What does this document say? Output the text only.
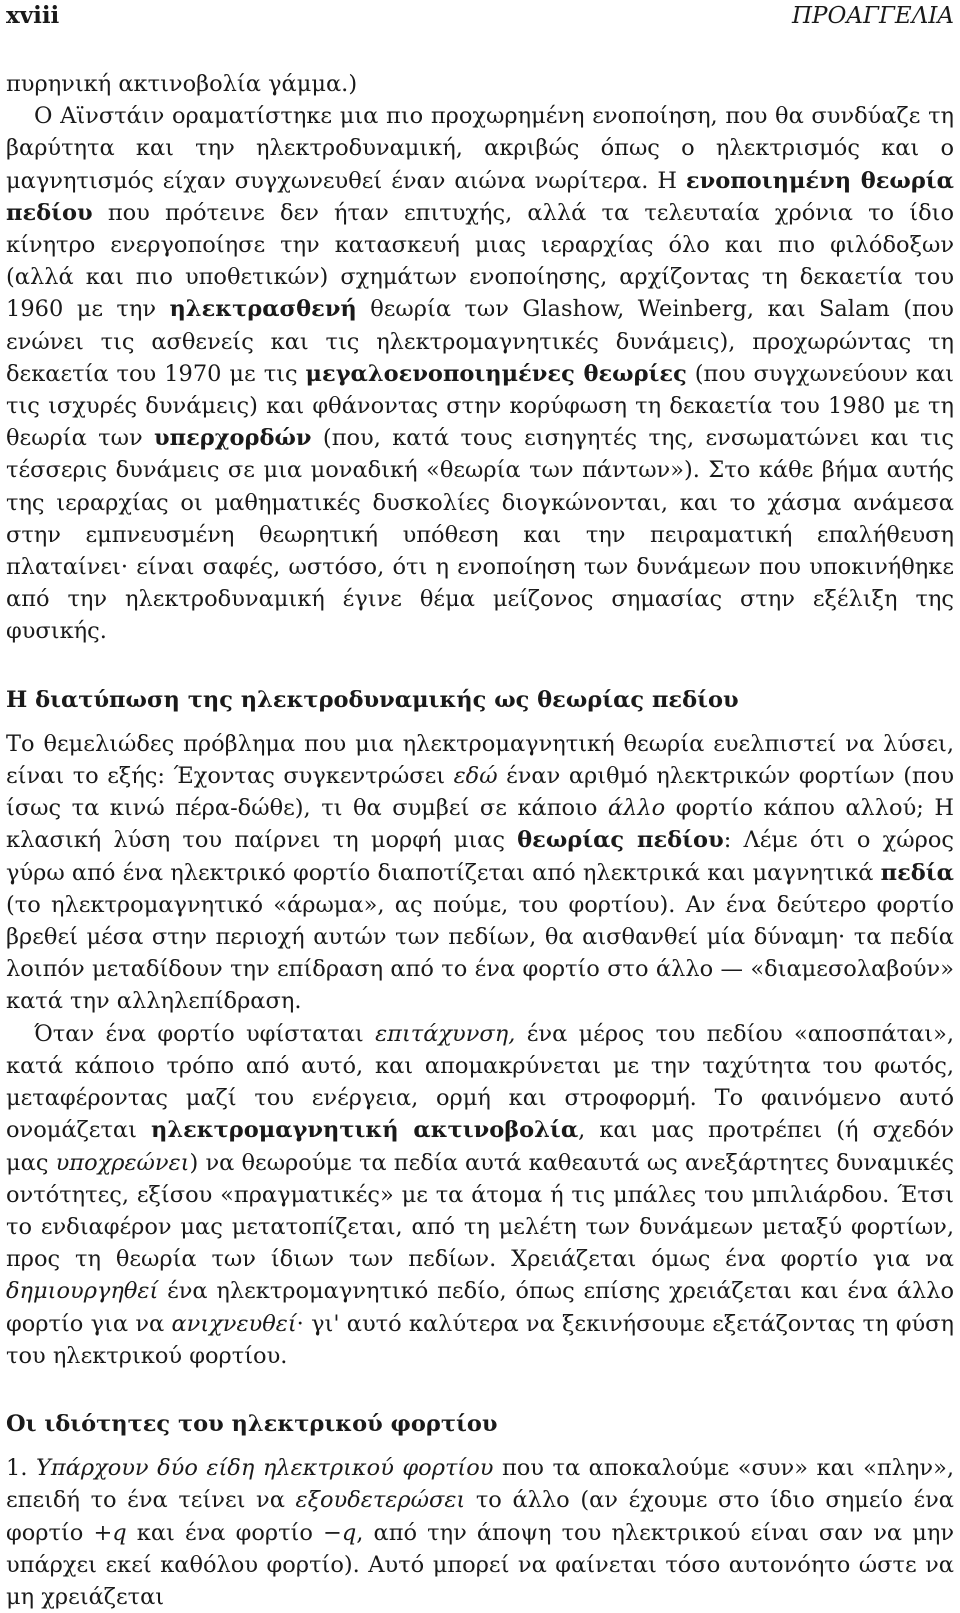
xviii	ΠΡΟΑΓΓΕΛΙΑ

πυρηνική ακτινοβολία γάμμα.)

Ο Αϊνστάιν οραματίστηκε μια πιο προχωρημένη ενοποίηση, που θα συνδύαζε τη βαρύτητα και την ηλεκτροδυναμική, ακριβώς όπως ο ηλεκτρισμός και ο μαγνητισμός είχαν συγχωνευθεί έναν αιώνα νωρίτερα. Η ενοποιημένη θεωρία πεδίου που πρότεινε δεν ήταν επιτυχής, αλλά τα τελευταία χρόνια το ίδιο κίνητρο ενεργοποίησε την κατασκευή μιας ιεραρχίας όλο και πιο φιλόδοξων (αλλά και πιο υποθετικών) σχημάτων ενοποίησης, αρχίζοντας τη δεκαετία του 1960 με την ηλεκτρασθενή θεωρία των Glashow, Weinberg, και Salam (που ενώνει τις ασθενείς και τις ηλεκτρομαγνητικές δυνάμεις), προχωρώντας τη δεκαετία του 1970 με τις μεγαλοενοποιημένες θεωρίες (που συγχωνεύουν και τις ισχυρές δυνάμεις) και φθάνοντας στην κορύφωση τη δεκαετία του 1980 με τη θεωρία των υπερχορδών (που, κατά τους εισηγητές της, ενσωματώνει και τις τέσσερις δυνάμεις σε μια μοναδική «θεωρία των πάντων»). Στο κάθε βήμα αυτής της ιεραρχίας οι μαθηματικές δυσκολίες διογκώνονται, και το χάσμα ανάμεσα στην εμπνευσμένη θεωρητική υπόθεση και την πειραματική επαλήθευση πλαταίνει· είναι σαφές, ωστόσο, ότι η ενοποίηση των δυνάμεων που υποκινήθηκε από την ηλεκτροδυναμική έγινε θέμα μείζονος σημασίας στην εξέλιξη της φυσικής.

Η διατύπωση της ηλεκτροδυναμικής ως θεωρίας πεδίου

Το θεμελιώδες πρόβλημα που μια ηλεκτρομαγνητική θεωρία ευελπιστεί να λύσει, είναι το εξής: Έχοντας συγκεντρώσει εδώ έναν αριθμό ηλεκτρικών φορτίων (που ίσως τα κινώ πέρα-δώθε), τι θα συμβεί σε κάποιο άλλο φορτίο κάπου αλλού; Η κλασική λύση του παίρνει τη μορφή μιας θεωρίας πεδίου: Λέμε ότι ο χώρος γύρω από ένα ηλεκτρικό φορτίο διαποτίζεται από ηλεκτρικά και μαγνητικά πεδία (το ηλεκτρομαγνητικό «άρωμα», ας πούμε, του φορτίου). Αν ένα δεύτερο φορτίο βρεθεί μέσα στην περιοχή αυτών των πεδίων, θα αισθανθεί μία δύναμη· τα πεδία λοιπόν μεταδίδουν την επίδραση από το ένα φορτίο στο άλλο — «διαμεσολαβούν» κατά την αλληλεπίδραση.

Όταν ένα φορτίο υφίσταται επιτάχυνση, ένα μέρος του πεδίου «αποσπάται», κατά κάποιο τρόπο από αυτό, και απομακρύνεται με την ταχύτητα του φωτός, μεταφέροντας μαζί του ενέργεια, ορμή και στροφορμή. Το φαινόμενο αυτό ονομάζεται ηλεκτρομαγνητική ακτινοβολία, και μας προτρέπει (ή σχεδόν μας υποχρεώνει) να θεωρούμε τα πεδία αυτά καθεαυτά ως ανεξάρτητες δυναμικές οντότητες, εξίσου «πραγματικές» με τα άτομα ή τις μπάλες του μπιλιάρδου. Έτσι το ενδιαφέρον μας μετατοπίζεται, από τη μελέτη των δυνάμεων μεταξύ φορτίων, προς τη θεωρία των ίδιων των πεδίων. Χρειάζεται όμως ένα φορτίο για να δημιουργηθεί ένα ηλεκτρομαγνητικό πεδίο, όπως επίσης χρειάζεται και ένα άλλο φορτίο για να ανιχνευθεί· γι' αυτό καλύτερα να ξεκινήσουμε εξετάζοντας τη φύση του ηλεκτρικού φορτίου.

Οι ιδιότητες του ηλεκτρικού φορτίου

1. Υπάρχουν δύο είδη ηλεκτρικού φορτίου που τα αποκαλούμε «συν» και «πλην», επειδή το ένα τείνει να εξουδετερώσει το άλλο (αν έχουμε στο ίδιο σημείο ένα φορτίο +q και ένα φορτίο −q, από την άποψη του ηλεκτρικού είναι σαν να μην υπάρχει εκεί καθόλου φορτίο). Αυτό μπορεί να φαίνεται τόσο αυτονόητο ώστε να μη χρειάζεται
